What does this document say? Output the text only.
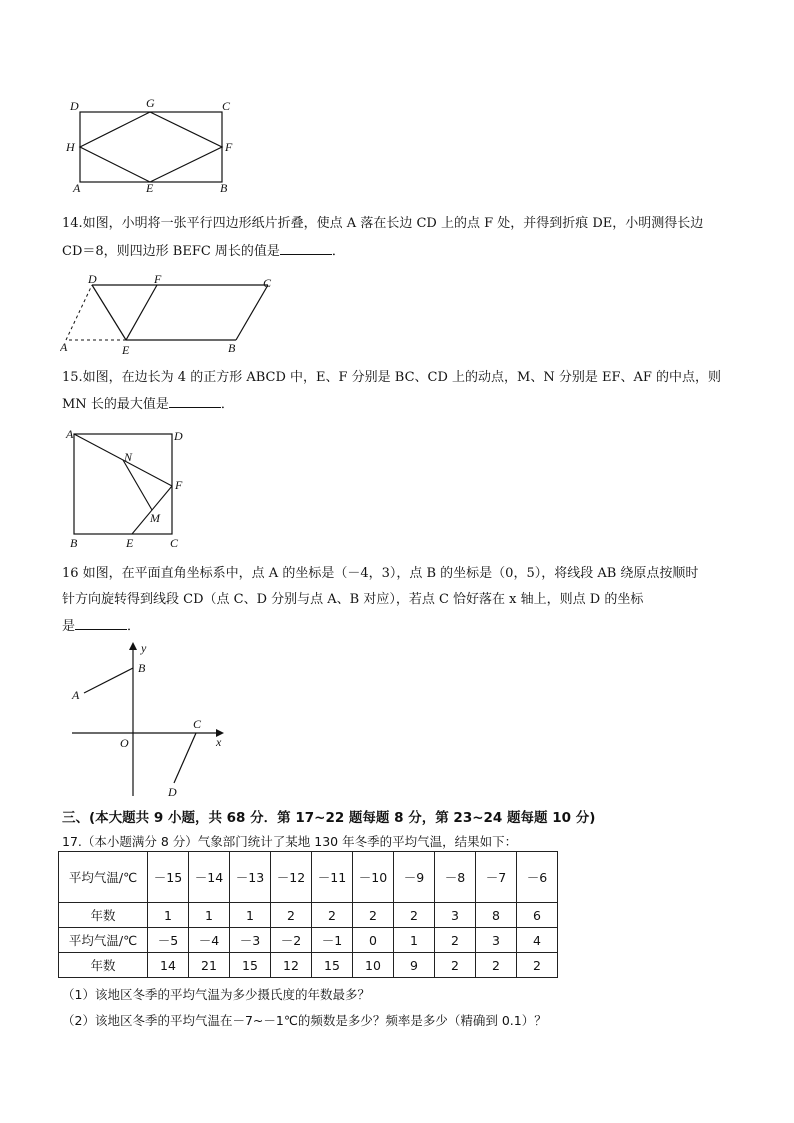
D	G	C
H	F
A	E	B
14.如图，小明将一张平行四边形纸片折叠，使点 A 落在长边 CD 上的点 F 处，并得到折痕 DE，小明测得长边
CD＝8，则四边形 BEFC 周长的值是	．
D	F	C
A	E	B
15.如图，在边长为 4 的正方形 ABCD 中，E、F 分别是 BC、CD 上的动点，M、N 分别是 EF、AF 的中点，则
MN 长的最大值是	．
A	D
N
F
M
B	E	C
16 如图，在平面直角坐标系中，点 A 的坐标是（－4，3），点 B 的坐标是（0，5），将线段 AB 绕原点按顺时
针方向旋转得到线段 CD（点 C、D 分别与点 A、B 对应），若点 C 恰好落在 x 轴上，则点 D 的坐标
是	．
y
B
A
O
C
x
D
三、(本大题共 9 小题，共 68 分．第 17~22 题每题 8 分，第 23~24 题每题 10 分)
17.（本小题满分 8 分）气象部门统计了某地 130 年冬季的平均气温，结果如下：
平均气温/℃	－15	－14	－13	－12	－11	－10	－9	－8	－7	－6
年数	1	1	1	2	2	2	2	3	8	6
平均气温/℃	－5	－4	－3	－2	－1	0	1	2	3	4
年数	14	21	15	12	15	10	9	2	2	2
（1）该地区冬季的平均气温为多少摄氏度的年数最多？
（2）该地区冬季的平均气温在－7~－1℃的频数是多少？频率是多少（精确到 0.1）？
